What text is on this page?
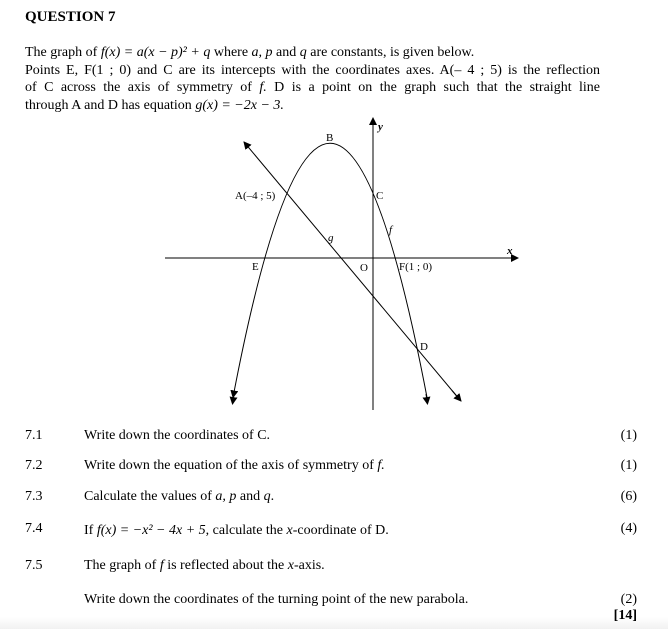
QUESTION 7

The graph of f(x) = a(x − p)² + q where a, p and q are constants, is given below.

Points E, F(1 ; 0) and C are its intercepts with the coordinates axes. A(– 4 ; 5) is the reflection

of C across the axis of symmetry of f. D is a point on the graph such that the straight line

through A and D has equation g(x) = −2x − 3.

y
x
O
B
A(–4 ; 5)	C
E	F(1 ; 0)
D
f
g
7.1	Write down the coordinates of C.	(1)
7.2	Write down the equation of the axis of symmetry of f.	(1)
7.3	Calculate the values of a, p and q.	(6)
7.4	If f(x) = −x² − 4x + 5, calculate the x-coordinate of D.	(4)
7.5	The graph of f is reflected about the x-axis.
Write down the coordinates of the turning point of the new parabola.	(2)
[14]
